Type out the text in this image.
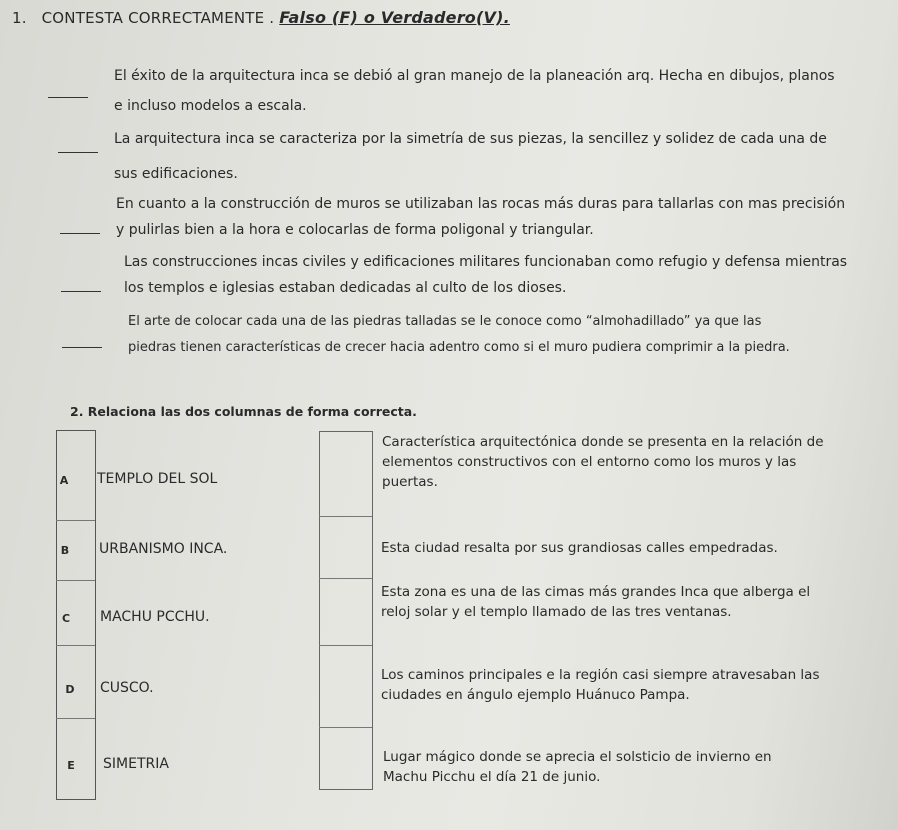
1. CONTESTA CORRECTAMENTE . Falso (F) o Verdadero(V).
El éxito de la arquitectura inca se debió al gran manejo de la planeación arq. Hecha en dibujos, planos
e incluso modelos a escala.
La arquitectura inca se caracteriza por la simetría de sus piezas, la sencillez y solidez de cada una de
sus edificaciones.
En cuanto a la construcción de muros se utilizaban las rocas más duras para tallarlas con mas precisión
y pulirlas bien a la hora e colocarlas de forma poligonal y triangular.
Las construcciones incas civiles y edificaciones militares funcionaban como refugio y defensa mientras
los templos e iglesias estaban dedicadas al culto de los dioses.
El arte de colocar cada una de las piedras talladas se le conoce como “almohadillado” ya que las
piedras tienen características de crecer hacia adentro como si el muro pudiera comprimir a la piedra.
2. Relaciona las dos columnas de forma correcta.
A TEMPLO DEL SOL
B URBANISMO INCA.
C MACHU PCCHU.
D CUSCO.
E SIMETRIA
Característica arquitectónica donde se presenta en la relación de elementos constructivos con el entorno como los muros y las puertas.
Esta ciudad resalta por sus grandiosas calles empedradas.
Esta zona es una de las cimas más grandes Inca que alberga el reloj solar y el templo llamado de las tres ventanas.
Los caminos principales e la región casi siempre atravesaban las ciudades en ángulo ejemplo Huánuco Pampa.
Lugar mágico donde se aprecia el solsticio de invierno en Machu Picchu el día 21 de junio.
